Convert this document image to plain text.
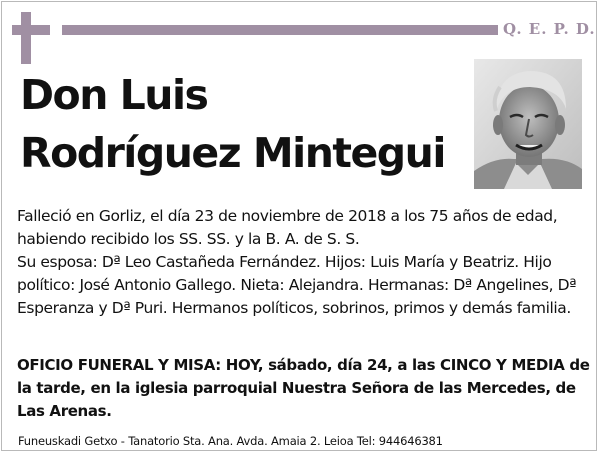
Q. E. P. D.
Don Luis
Rodríguez Mintegui

Falleció en Gorliz, el día 23 de noviembre de 2018 a los 75 años de edad, habiendo recibido los SS. SS. y la B. A. de S. S.

Su esposa: Dª Leo Castañeda Fernández. Hijos: Luis María y Beatriz. Hijo político: José Antonio Gallego. Nieta: Alejandra. Hermanas: Dª Angelines, Dª Esperanza y Dª Puri. Hermanos políticos, sobrinos, primos y demás familia.

OFICIO FUNERAL Y MISA: HOY, sábado, día 24, a las CINCO Y MEDIA de la tarde, en la iglesia parroquial Nuestra Señora de las Mercedes, de Las Arenas.
Funeuskadi Getxo - Tanatorio Sta. Ana. Avda. Amaia 2. Leioa Tel: 944646381
